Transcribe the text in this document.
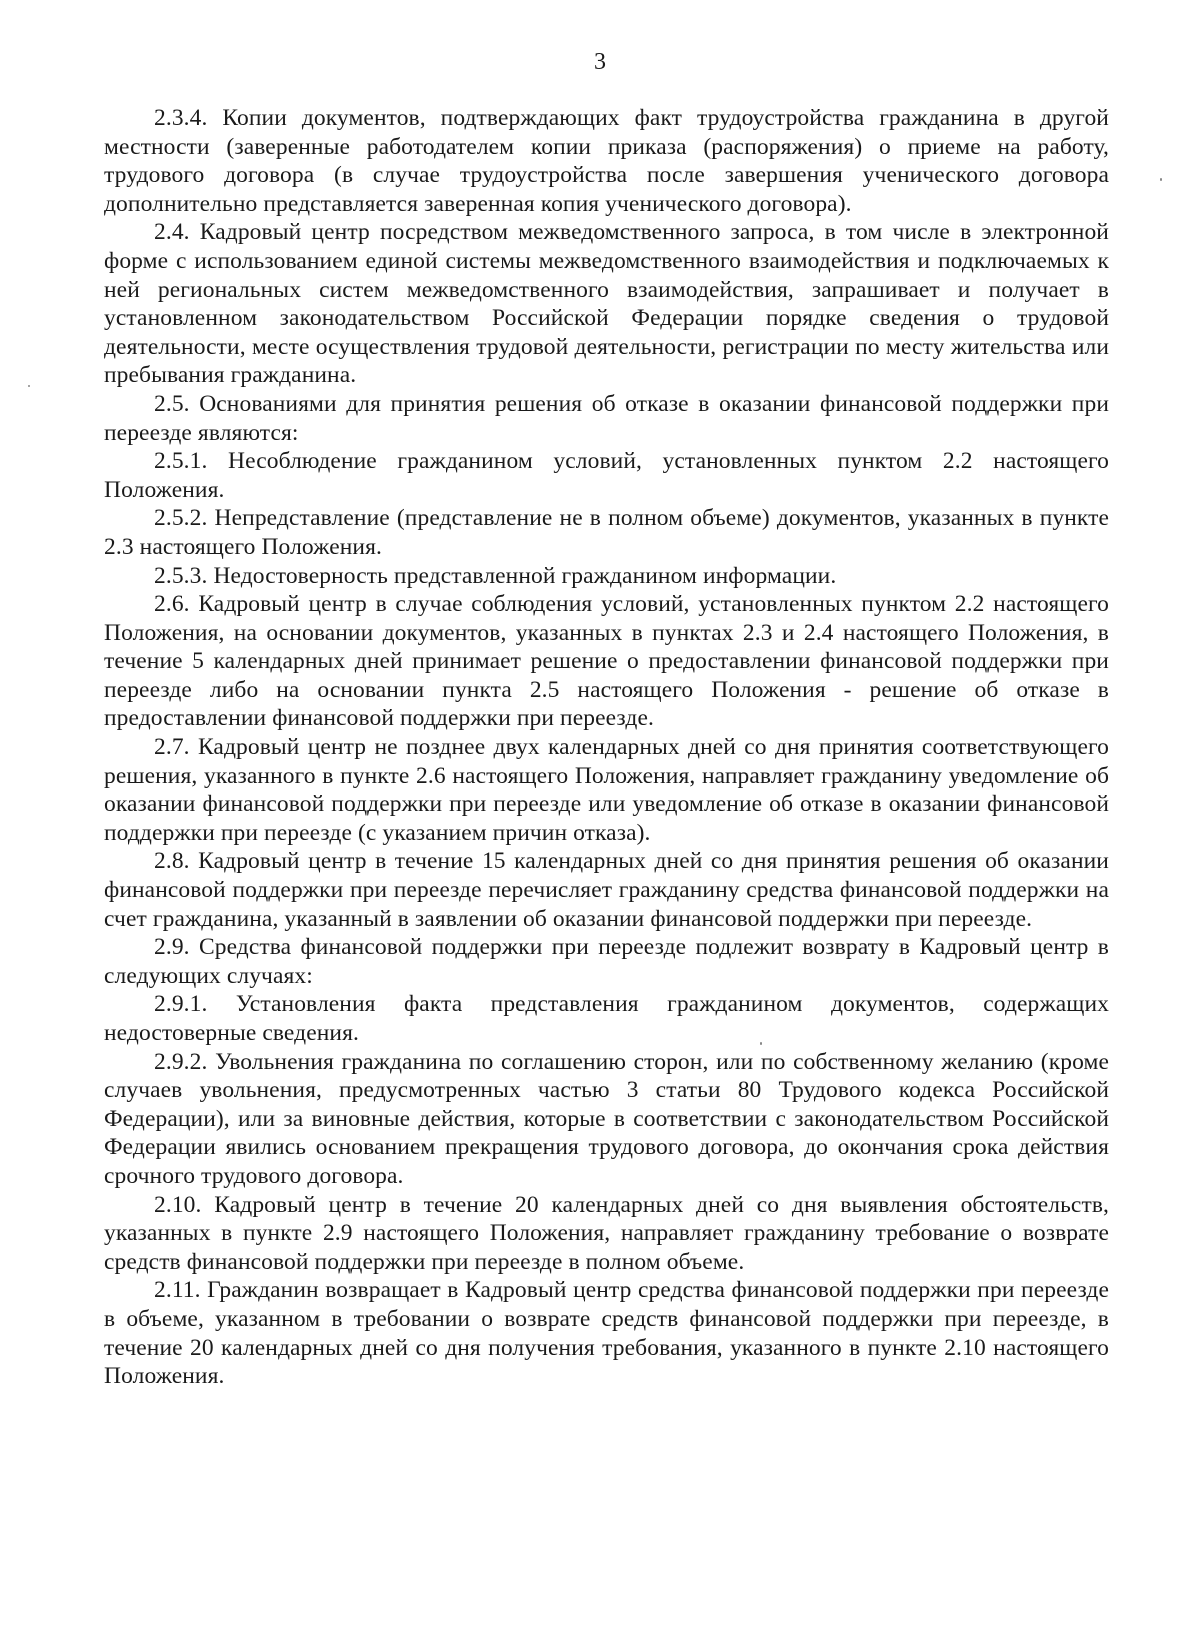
3

2.3.4. Копии документов, подтверждающих факт трудоустройства гражданина в другой местности (заверенные работодателем копии приказа (распоряжения) о приеме на работу, трудового договора (в случае трудоустройства после завершения ученического договора дополнительно представляется заверенная копия ученического договора).

2.4. Кадровый центр посредством межведомственного запроса, в том числе в электронной форме с использованием единой системы межведомственного взаимодействия и подключаемых к ней региональных систем межведомственного взаимодействия, запрашивает и получает в установленном законодательством Российской Федерации порядке сведения о трудовой деятельности, месте осуществления трудовой деятельности, регистрации по месту жительства или пребывания гражданина.

2.5. Основаниями для принятия решения об отказе в оказании финансовой поддержки при переезде являются:

2.5.1. Несоблюдение гражданином условий, установленных пунктом 2.2 настоящего Положения.

2.5.2. Непредставление (представление не в полном объеме) документов, указанных в пункте 2.3 настоящего Положения.

2.5.3. Недостоверность представленной гражданином информации.

2.6. Кадровый центр в случае соблюдения условий, установленных пунктом 2.2 настоящего Положения, на основании документов, указанных в пунктах 2.3 и 2.4 настоящего Положения, в течение 5 календарных дней принимает решение о предоставлении финансовой поддержки при переезде либо на основании пункта 2.5 настоящего Положения - решение об отказе в предоставлении финансовой поддержки при переезде.

2.7. Кадровый центр не позднее двух календарных дней со дня принятия соответствующего решения, указанного в пункте 2.6 настоящего Положения, направляет гражданину уведомление об оказании финансовой поддержки при переезде или уведомление об отказе в оказании финансовой поддержки при переезде (с указанием причин отказа).

2.8. Кадровый центр в течение 15 календарных дней со дня принятия решения об оказании финансовой поддержки при переезде перечисляет гражданину средства финансовой поддержки на счет гражданина, указанный в заявлении об оказании финансовой поддержки при переезде.

2.9. Средства финансовой поддержки при переезде подлежит возврату в Кадровый центр в следующих случаях:

2.9.1. Установления факта представления гражданином документов, содержащих недостоверные сведения.

2.9.2. Увольнения гражданина по соглашению сторон, или по собственному желанию (кроме случаев увольнения, предусмотренных частью 3 статьи 80 Трудового кодекса Российской Федерации), или за виновные действия, которые в соответствии с законодательством Российской Федерации явились основанием прекращения трудового договора, до окончания срока действия срочного трудового договора.

2.10. Кадровый центр в течение 20 календарных дней со дня выявления обстоятельств, указанных в пункте 2.9 настоящего Положения, направляет гражданину требование о возврате средств финансовой поддержки при переезде в полном объеме.

2.11. Гражданин возвращает в Кадровый центр средства финансовой поддержки при переезде в объеме, указанном в требовании о возврате средств финансовой поддержки при переезде, в течение 20 календарных дней со дня получения требования, указанного в пункте 2.10 настоящего Положения.
